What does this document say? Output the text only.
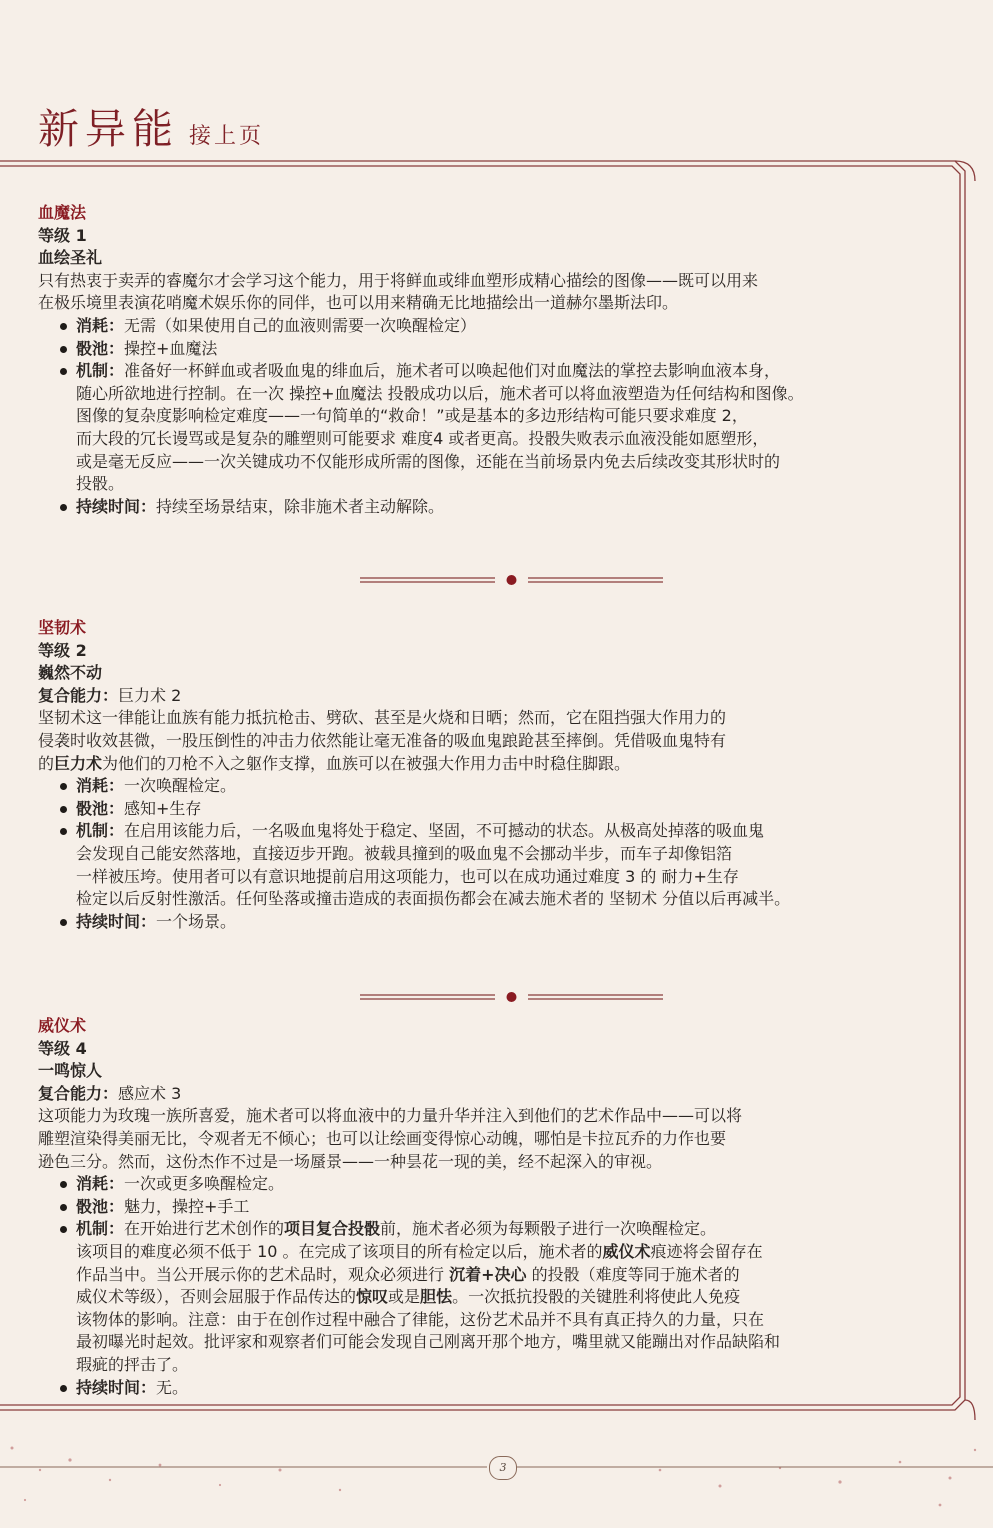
新异能 接上页
血魔法
等级 1
血绘圣礼
只有热衷于卖弄的睿魔尔才会学习这个能力，用于将鲜血或绯血塑形成精心描绘的图像——既可以用来
在极乐境里表演花哨魔术娱乐你的同伴，也可以用来精确无比地描绘出一道赫尔墨斯法印。
消耗：无需（如果使用自己的血液则需要一次唤醒检定）
骰池：操控+血魔法
机制：准备好一杯鲜血或者吸血鬼的绯血后，施术者可以唤起他们对血魔法的掌控去影响血液本身，
随心所欲地进行控制。在一次 操控+血魔法 投骰成功以后，施术者可以将血液塑造为任何结构和图像。
图像的复杂度影响检定难度——一句简单的“救命！”或是基本的多边形结构可能只要求难度 2，
而大段的冗长谩骂或是复杂的雕塑则可能要求 难度4 或者更高。投骰失败表示血液没能如愿塑形，
或是毫无反应——一次关键成功不仅能形成所需的图像，还能在当前场景内免去后续改变其形状时的
投骰。
持续时间：持续至场景结束，除非施术者主动解除。
坚韧术
等级 2
巍然不动
复合能力：巨力术 2
坚韧术这一律能让血族有能力抵抗枪击、劈砍、甚至是火烧和日晒；然而，它在阻挡强大作用力的
侵袭时收效甚微，一股压倒性的冲击力依然能让毫无准备的吸血鬼踉跄甚至摔倒。凭借吸血鬼特有
的巨力术为他们的刀枪不入之躯作支撑，血族可以在被强大作用力击中时稳住脚跟。
消耗：一次唤醒检定。
骰池：感知+生存
机制：在启用该能力后，一名吸血鬼将处于稳定、坚固，不可撼动的状态。从极高处掉落的吸血鬼
会发现自己能安然落地，直接迈步开跑。被载具撞到的吸血鬼不会挪动半步，而车子却像铝箔
一样被压垮。使用者可以有意识地提前启用这项能力，也可以在成功通过难度 3 的 耐力+生存
检定以后反射性激活。任何坠落或撞击造成的表面损伤都会在减去施术者的 坚韧术 分值以后再减半。
持续时间：一个场景。
威仪术
等级 4
一鸣惊人
复合能力：感应术 3
这项能力为玫瑰一族所喜爱，施术者可以将血液中的力量升华并注入到他们的艺术作品中——可以将
雕塑渲染得美丽无比，令观者无不倾心；也可以让绘画变得惊心动魄，哪怕是卡拉瓦乔的力作也要
逊色三分。然而，这份杰作不过是一场蜃景——一种昙花一现的美，经不起深入的审视。
消耗：一次或更多唤醒检定。
骰池：魅力，操控+手工
机制：在开始进行艺术创作的项目复合投骰前，施术者必须为每颗骰子进行一次唤醒检定。
该项目的难度必须不低于 10 。在完成了该项目的所有检定以后，施术者的威仪术痕迹将会留存在
作品当中。当公开展示你的艺术品时，观众必须进行 沉着+决心 的投骰（难度等同于施术者的
威仪术等级），否则会屈服于作品传达的惊叹或是胆怯。一次抵抗投骰的关键胜利将使此人免疫
该物体的影响。注意：由于在创作过程中融合了律能，这份艺术品并不具有真正持久的力量，只在
最初曝光时起效。批评家和观察者们可能会发现自己刚离开那个地方，嘴里就又能蹦出对作品缺陷和
瑕疵的抨击了。
持续时间：无。
3
